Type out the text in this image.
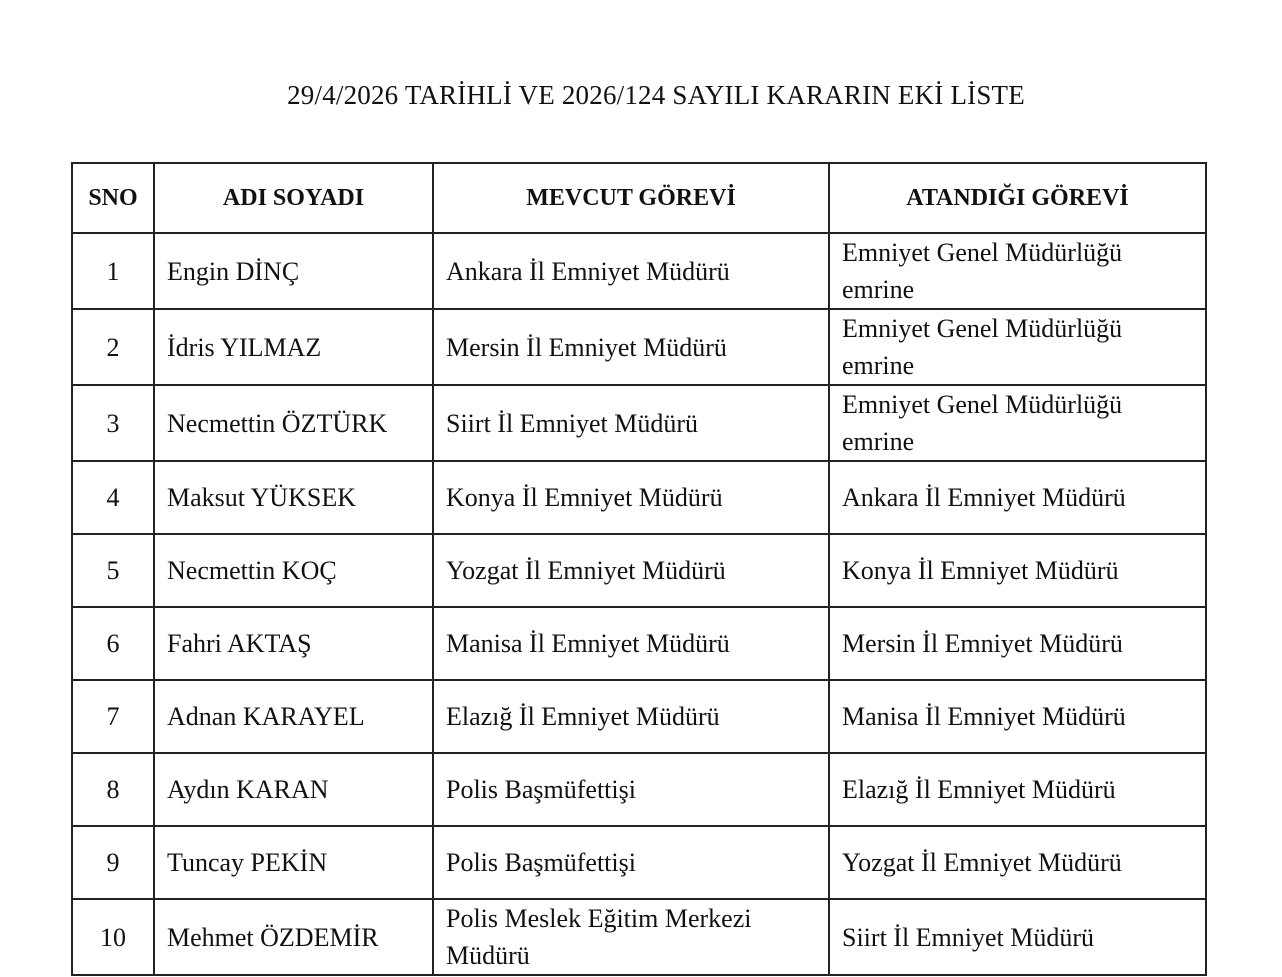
29/4/2026 TARİHLİ VE 2026/124 SAYILI KARARIN EKİ LİSTE
SNO	ADI SOYADI	MEVCUT GÖREVİ	ATANDIĞI GÖREVİ
1	Engin DİNÇ	Ankara İl Emniyet Müdürü	Emniyet Genel Müdürlüğü emrine
2	İdris YILMAZ	Mersin İl Emniyet Müdürü	Emniyet Genel Müdürlüğü emrine
3	Necmettin ÖZTÜRK	Siirt İl Emniyet Müdürü	Emniyet Genel Müdürlüğü emrine
4	Maksut YÜKSEK	Konya İl Emniyet Müdürü	Ankara İl Emniyet Müdürü
5	Necmettin KOÇ	Yozgat İl Emniyet Müdürü	Konya İl Emniyet Müdürü
6	Fahri AKTAŞ	Manisa İl Emniyet Müdürü	Mersin İl Emniyet Müdürü
7	Adnan KARAYEL	Elazığ İl Emniyet Müdürü	Manisa İl Emniyet Müdürü
8	Aydın KARAN	Polis Başmüfettişi	Elazığ İl Emniyet Müdürü
9	Tuncay PEKİN	Polis Başmüfettişi	Yozgat İl Emniyet Müdürü
10	Mehmet ÖZDEMİR	Polis Meslek Eğitim Merkezi Müdürü	Siirt İl Emniyet Müdürü
